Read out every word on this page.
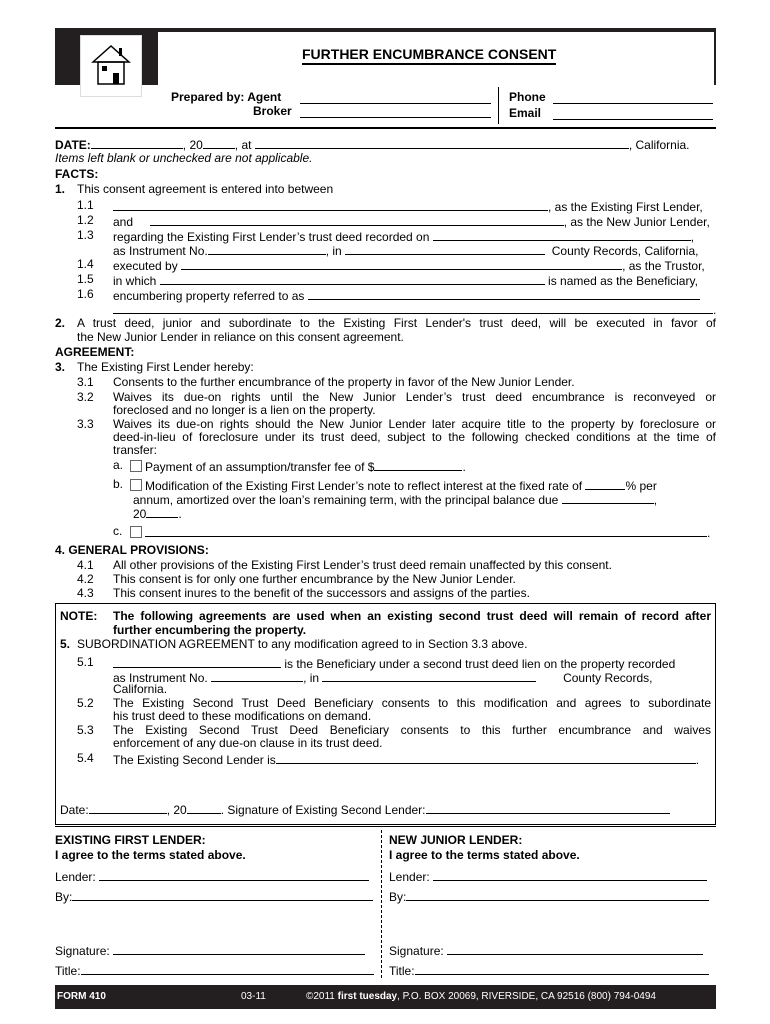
FURTHER ENCUMBRANCE CONSENT
Prepared by: Agent
Broker
Phone
Email
DATE:	, 20	, at	, California.
Items left blank or unchecked are not applicable.
FACTS:
1. This consent agreement is entered into between
1.1	, as the Existing First Lender,
1.2 and	, as the New Junior Lender,
1.3 regarding the Existing First Lender’s trust deed recorded on	,
as Instrument No.	, in	County Records, California,
1.4 executed by	, as the Trustor,
1.5 in which	is named as the Beneficiary,
1.6 encumbering property referred to as
.
2. A trust deed, junior and subordinate to the Existing First Lender's trust deed, will be executed in favor of
the New Junior Lender in reliance on this consent agreement.
AGREEMENT:
3. The Existing First Lender hereby:
3.1 Consents to the further encumbrance of the property in favor of the New Junior Lender.
3.2 Waives its due-on rights until the New Junior Lender’s trust deed encumbrance is reconveyed or
foreclosed and no longer is a lien on the property.
3.3 Waives its due-on rights should the New Junior Lender later acquire title to the property by foreclosure or
deed-in-lieu of foreclosure under its trust deed, subject to the following checked conditions at the time of
transfer:
a.	Payment of an assumption/transfer fee of $	.
b.	Modification of the Existing First Lender’s note to reflect interest at the fixed rate of	% per
annum, amortized over the loan’s remaining term, with the principal balance due	,
20	.
c.	.
4. GENERAL PROVISIONS:
4.1 All other provisions of the Existing First Lender’s trust deed remain unaffected by this consent.
4.2 This consent is for only one further encumbrance by the New Junior Lender.
4.3 This consent inures to the benefit of the successors and assigns of the parties.
NOTE: The following agreements are used when an existing second trust deed will remain of record after
further encumbering the property.
5. SUBORDINATION AGREEMENT to any modification agreed to in Section 3.3 above.
5.1	is the Beneficiary under a second trust deed lien on the property recorded
as Instrument No.	, in	County Records,
California.
5.2 The Existing Second Trust Deed Beneficiary consents to this modification and agrees to subordinate
his trust deed to these modifications on demand.
5.3 The Existing Second Trust Deed Beneficiary consents to this further encumbrance and waives
enforcement of any due-on clause in its trust deed.
5.4 The Existing Second Lender is	.
Date:	, 20	. Signature of Existing Second Lender:
EXISTING FIRST LENDER:
I agree to the terms stated above.
Lender:
By:
Signature:
Title:
NEW JUNIOR LENDER:
I agree to the terms stated above.
Lender:
By:
Signature:
Title:
FORM 410	03-11	©2011 first tuesday, P.O. BOX 20069, RIVERSIDE, CA 92516 (800) 794-0494
